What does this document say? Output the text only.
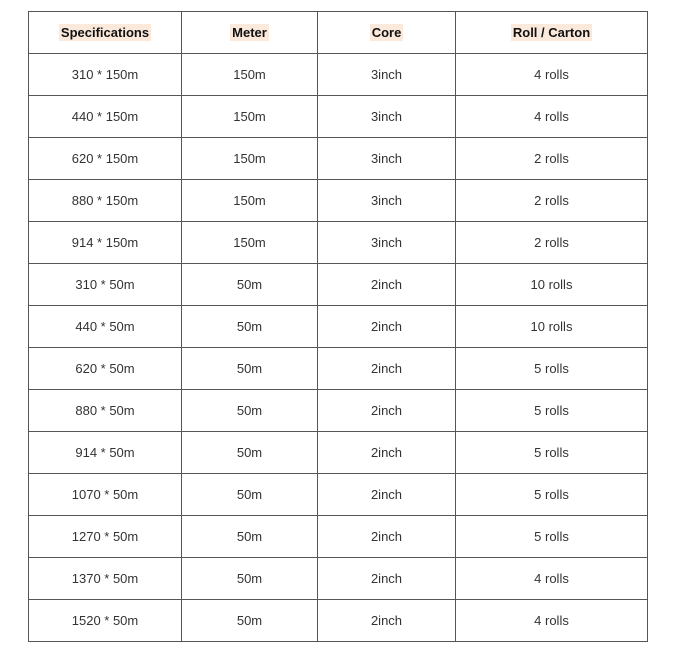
Specifications	Meter	Core	Roll / Carton
310 * 150m	150m	3inch	4 rolls
440 * 150m	150m	3inch	4 rolls
620 * 150m	150m	3inch	2 rolls
880 * 150m	150m	3inch	2 rolls
914 * 150m	150m	3inch	2 rolls
310 * 50m	50m	2inch	10 rolls
440 * 50m	50m	2inch	10 rolls
620 * 50m	50m	2inch	5 rolls
880 * 50m	50m	2inch	5 rolls
914 * 50m	50m	2inch	5 rolls
1070 * 50m	50m	2inch	5 rolls
1270 * 50m	50m	2inch	5 rolls
1370 * 50m	50m	2inch	4 rolls
1520 * 50m	50m	2inch	4 rolls
